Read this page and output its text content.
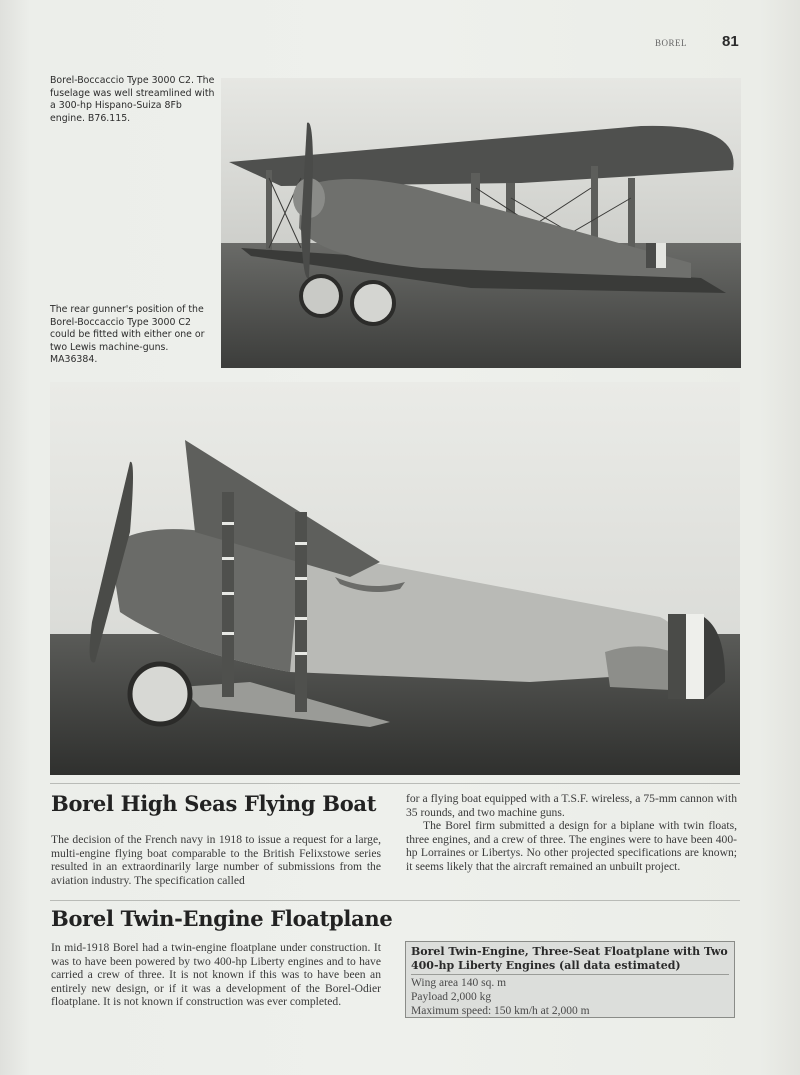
BOREL 81
Borel-Boccaccio Type 3000 C2. The fuselage was well streamlined with a 300-hp Hispano-Suiza 8Fb engine. B76.115.
The rear gunner's position of the Borel-Boccaccio Type 3000 C2 could be fitted with either one or two Lewis machine-guns. MA36384.
Borel High Seas Flying Boat

The decision of the French navy in 1918 to issue a request for a large, multi-engine flying boat comparable to the British Felixstowe series resulted in an extraordinarily large number of submissions from the aviation industry. The specification called

for a flying boat equipped with a T.S.F. wireless, a 75-mm cannon with 35 rounds, and two machine guns.

The Borel firm submitted a design for a biplane with twin floats, three engines, and a crew of three. The engines were to have been 400-hp Lorraines or Libertys. No other projected specifications are known; it seems likely that the aircraft remained an unbuilt project.

Borel Twin-Engine Floatplane

In mid-1918 Borel had a twin-engine floatplane under construction. It was to have been powered by two 400-hp Liberty engines and to have carried a crew of three. It is not known if this was to have been an entirely new design, or if it was a development of the Borel-Odier floatplane. It is not known if construction was ever completed.

Borel Twin-Engine, Three-Seat Floatplane with Two 400-hp Liberty Engines (all data estimated)
Wing area 140 sq. m
Payload 2,000 kg
Maximum speed: 150 km/h at 2,000 m
